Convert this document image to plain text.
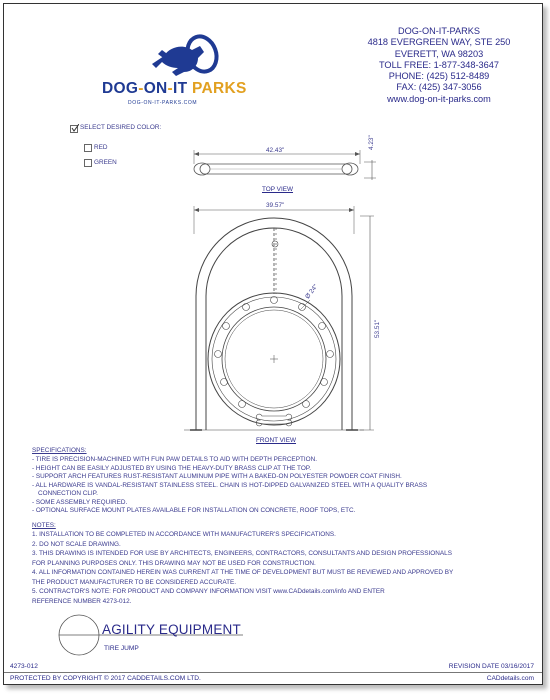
DOG-ON-IT PARKS
DOG-ON-IT-PARKS.COM
DOG-ON-IT-PARKS
4818 EVERGREEN WAY, STE 250
EVERETT, WA 98203
TOLL FREE: 1-877-348-3647
PHONE: (425) 512-8489
FAX: (425) 347-3056
www.dog-on-it-parks.com
SELECT DESIRED COLOR:
RED
GREEN
42.43"
4.23"
TOP VIEW
39.57"
53.51"
Ø 24"
FRONT VIEW
SPECIFICATIONS:
- TIRE IS PRECISION-MACHINED WITH FUN PAW DETAILS TO AID WITH DEPTH PERCEPTION.
- HEIGHT CAN BE EASILY ADJUSTED BY USING THE HEAVY-DUTY BRASS CLIP AT THE TOP.
- SUPPORT ARCH FEATURES RUST-RESISTANT ALUMINUM PIPE WITH A BAKED-ON POLYESTER POWDER COAT FINISH.
- ALL HARDWARE IS VANDAL-RESISTANT STAINLESS STEEL. CHAIN IS HOT-DIPPED GALVANIZED STEEL WITH A QUALITY BRASS
CONNECTION CLIP.
- SOME ASSEMBLY REQUIRED.
- OPTIONAL SURFACE MOUNT PLATES AVAILABLE FOR INSTALLATION ON CONCRETE, ROOF TOPS, ETC.
NOTES:
1. INSTALLATION TO BE COMPLETED IN ACCORDANCE WITH MANUFACTURER'S SPECIFICATIONS.
2. DO NOT SCALE DRAWING.
3. THIS DRAWING IS INTENDED FOR USE BY ARCHITECTS, ENGINEERS, CONTRACTORS, CONSULTANTS AND DESIGN PROFESSIONALS
FOR PLANNING PURPOSES ONLY. THIS DRAWING MAY NOT BE USED FOR CONSTRUCTION.
4. ALL INFORMATION CONTAINED HEREIN WAS CURRENT AT THE TIME OF DEVELOPMENT BUT MUST BE REVIEWED AND APPROVED BY
THE PRODUCT MANUFACTURER TO BE CONSIDERED ACCURATE.
5. CONTRACTOR'S NOTE: FOR PRODUCT AND COMPANY INFORMATION VISIT www.CADdetails.com/info AND ENTER
REFERENCE NUMBER 4273-012.
AGILITY EQUIPMENT
TIRE JUMP
4273-012	REVISION DATE 03/16/2017
PROTECTED BY COPYRIGHT © 2017 CADDETAILS.COM LTD.	CADdetails.com
